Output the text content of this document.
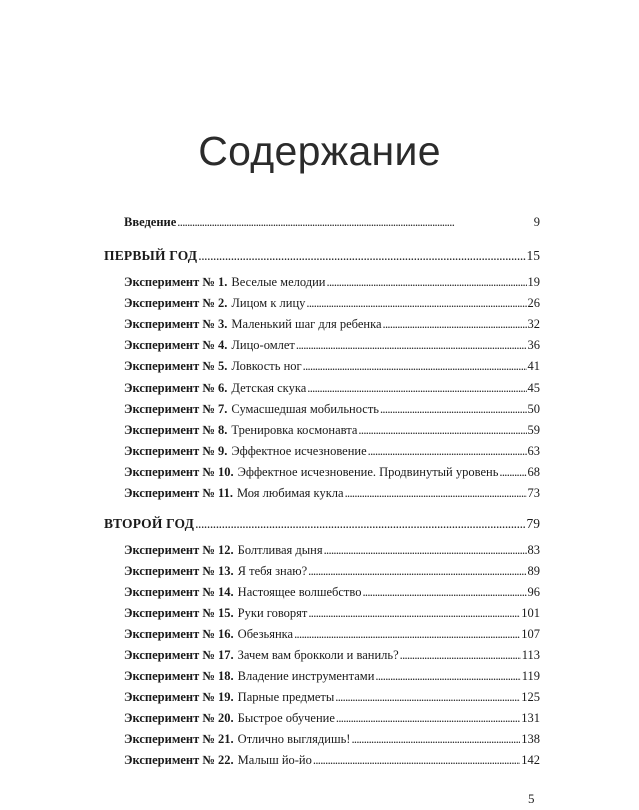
Содержание
Введение . . .	9
ПЕРВЫЙ ГОД . . .	15
Эксперимент № 1. Веселые мелодии . . .	19
Эксперимент № 2. Лицом к лицу . . .	26
Эксперимент № 3. Маленький шаг для ребенка . . .	32
Эксперимент № 4. Лицо-омлет . . .	36
Эксперимент № 5. Ловкость ног . . .	41
Эксперимент № 6. Детская скука . . .	45
Эксперимент № 7. Сумасшедшая мобильность . . .	50
Эксперимент № 8. Тренировка космонавта . . .	59
Эксперимент № 9. Эффектное исчезновение . . .	63
Эксперимент № 10. Эффектное исчезновение. Продвинутый уровень . . . 68
Эксперимент № 11. Моя любимая кукла . . .	73
ВТОРОЙ ГОД . . .	79
Эксперимент № 12. Болтливая дыня . . .	83
Эксперимент № 13. Я тебя знаю? . . .	89
Эксперимент № 14. Настоящее волшебство . . .	96
Эксперимент № 15. Руки говорят . . .	101
Эксперимент № 16. Обезьянка . . .	107
Эксперимент № 17. Зачем вам брокколи и ваниль? . . .	113
Эксперимент № 18. Владение инструментами . . .	119
Эксперимент № 19. Парные предметы . . .	125
Эксперимент № 20. Быстрое обучение . . .	131
Эксперимент № 21. Отлично выглядишь! . . .	138
Эксперимент № 22. Малыш йо-йо . . .	142
5
